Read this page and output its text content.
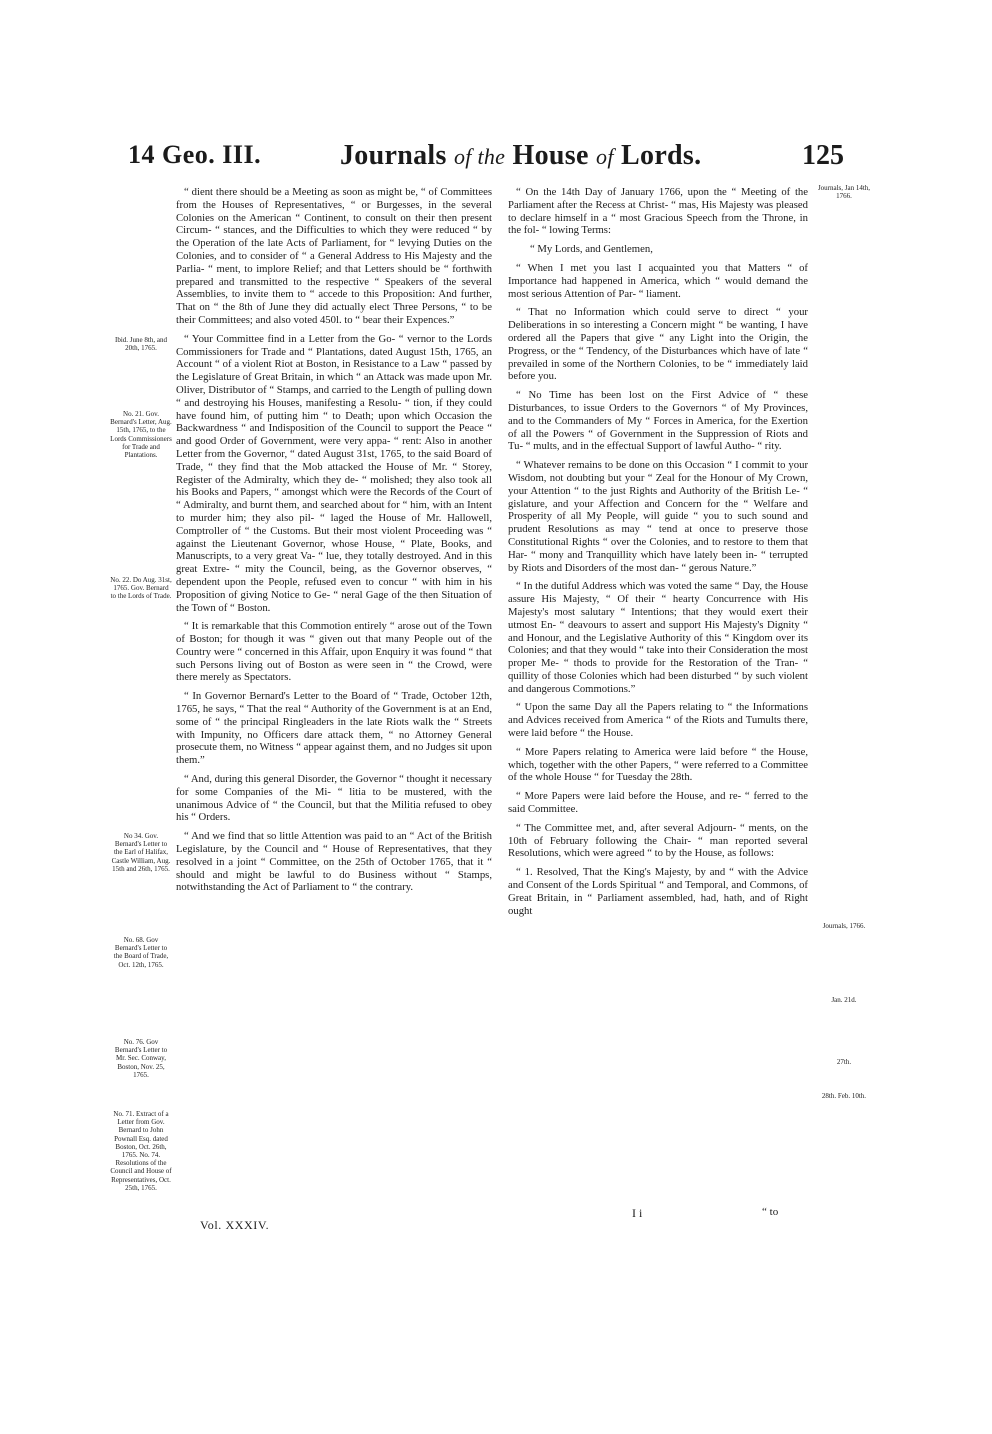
14 Geo. III.	Journals of the House of Lords.	125

“ dient there should be a Meeting as soon as might be, “ of Committees from the Houses of Representatives, “ or Burgesses, in the several Colonies on the American “ Continent, to consult on their then present Circum- “ stances, and the Difficulties to which they were reduced “ by the Operation of the late Acts of Parliament, for “ levying Duties on the Colonies, and to consider of “ a General Address to His Majesty and the Parlia- “ ment, to implore Relief; and that Letters should be “ forthwith prepared and transmitted to the respective “ Speakers of the several Assemblies, to invite them to “ accede to this Proposition: And further, That on “ the 8th of June they did actually elect Three Persons, “ to be their Committees; and also voted 450l. to “ bear their Expences.”

“ Your Committee find in a Letter from the Go- “ vernor to the Lords Commissioners for Trade and “ Plantations, dated August 15th, 1765, an Account “ of a violent Riot at Boston, in Resistance to a Law “ passed by the Legislature of Great Britain, in which “ an Attack was made upon Mr. Oliver, Distributor of “ Stamps, and carried to the Length of pulling down “ and destroying his Houses, manifesting a Resolu- “ tion, if they could have found him, of putting him “ to Death; upon which Occasion the Backwardness “ and Indisposition of the Council to support the Peace “ and good Order of Government, were very appa- “ rent: Also in another Letter from the Governor, “ dated August 31st, 1765, to the said Board of Trade, “ they find that the Mob attacked the House of Mr. “ Storey, Register of the Admiralty, which they de- “ molished; they also took all his Books and Papers, “ amongst which were the Records of the Court of “ Admiralty, and burnt them, and searched about for “ him, with an Intent to murder him; they also pil- “ laged the House of Mr. Hallowell, Comptroller of “ the Customs. But their most violent Proceeding was “ against the Lieutenant Governor, whose House, “ Plate, Books, and Manuscripts, to a very great Va- “ lue, they totally destroyed. And in this great Extre- “ mity the Council, being, as the Governor observes, “ dependent upon the People, refused even to concur “ with him in his Proposition of giving Notice to Ge- “ neral Gage of the then Situation of the Town of “ Boston.

“ It is remarkable that this Commotion entirely “ arose out of the Town of Boston; for though it was “ given out that many People out of the Country were “ concerned in this Affair, upon Enquiry it was found “ that such Persons living out of Boston as were seen in “ the Crowd, were there merely as Spectators.

“ In Governor Bernard's Letter to the Board of “ Trade, October 12th, 1765, he says, “ That the real “ Authority of the Government is at an End, some of “ the principal Ringleaders in the late Riots walk the “ Streets with Impunity, no Officers dare attack them, “ no Attorney General prosecute them, no Witness “ appear against them, and no Judges sit upon them.”

“ And, during this general Disorder, the Governor “ thought it necessary for some Companies of the Mi- “ litia to be mustered, with the unanimous Advice of “ the Council, but that the Militia refused to obey his “ Orders.

“ And we find that so little Attention was paid to an “ Act of the British Legislature, by the Council and “ House of Representatives, that they resolved in a joint “ Committee, on the 25th of October 1765, that it “ should and might be lawful to do Business without “ Stamps, notwithstanding the Act of Parliament to “ the contrary.

“ On the 14th Day of January 1766, upon the “ Meeting of the Parliament after the Recess at Christ- “ mas, His Majesty was pleased to declare himself in a “ most Gracious Speech from the Throne, in the fol- “ lowing Terms:

“ My Lords, and Gentlemen,

“ When I met you last I acquainted you that Matters “ of Importance had happened in America, which “ would demand the most serious Attention of Par- “ liament.

“ That no Information which could serve to direct “ your Deliberations in so interesting a Concern might “ be wanting, I have ordered all the Papers that give “ any Light into the Origin, the Progress, or the “ Tendency, of the Disturbances which have of late “ prevailed in some of the Northern Colonies, to be “ immediately laid before you.

“ No Time has been lost on the First Advice of “ these Disturbances, to issue Orders to the Governors “ of My Provinces, and to the Commanders of My “ Forces in America, for the Exertion of all the Powers “ of Government in the Suppression of Riots and Tu- “ mults, and in the effectual Support of lawful Autho- “ rity.

“ Whatever remains to be done on this Occasion “ I commit to your Wisdom, not doubting but your “ Zeal for the Honour of My Crown, your Attention “ to the just Rights and Authority of the British Le- “ gislature, and your Affection and Concern for the “ Welfare and Prosperity of all My People, will guide “ you to such sound and prudent Resolutions as may “ tend at once to preserve those Constitutional Rights “ over the Colonies, and to restore to them that Har- “ mony and Tranquillity which have lately been in- “ terrupted by Riots and Disorders of the most dan- “ gerous Nature.”

“ In the dutiful Address which was voted the same “ Day, the House assure His Majesty, “ Of their “ hearty Concurrence with His Majesty's most salutary “ Intentions; that they would exert their utmost En- “ deavours to assert and support His Majesty's Dignity “ and Honour, and the Legislative Authority of this “ Kingdom over its Colonies; and that they would “ take into their Consideration the most proper Me- “ thods to provide for the Restoration of the Tran- “ quillity of those Colonies which had been disturbed “ by such violent and dangerous Commotions.”

“ Upon the same Day all the Papers relating to “ the Informations and Advices received from America “ of the Riots and Tumults there, were laid before “ the House.

“ More Papers relating to America were laid before “ the House, which, together with the other Papers, “ were referred to a Committee of the whole House “ for Tuesday the 28th.

“ More Papers were laid before the House, and re- “ ferred to the said Committee.

“ The Committee met, and, after several Adjourn- “ ments, on the 10th of February following the Chair- “ man reported several Resolutions, which were agreed “ to by the House, as follows:

“ 1. Resolved, That the King's Majesty, by and “ with the Advice and Consent of the Lords Spiritual “ and Temporal, and Commons, of Great Britain, in “ Parliament assembled, had, hath, and of Right ought

Ibid. June 8th, and 20th, 1765.
No. 21. Gov. Bernard's Letter, Aug. 15th, 1765, to the Lords Commissioners for Trade and Plantations.
No. 22. Do Aug. 31st, 1765. Gov. Bernard to the Lords of Trade.
No 34. Gov. Bernard's Letter to the Earl of Halifax, Castle William, Aug. 15th and 26th, 1765.
No. 68. Gov Bernard's Letter to the Board of Trade, Oct. 12th, 1765.
No. 76. Gov Bernard's Letter to Mr. Sec. Conway, Boston, Nov. 25, 1765.
No. 71. Extract of a Letter from Gov. Bernard to John Pownall Esq. dated Boston, Oct. 26th, 1765. No. 74. Resolutions of the Council and House of Representatives, Oct. 25th, 1765.
Journals, Jan 14th, 1766.
Journals, 1766.
Jan. 21d.
27th.
28th. Feb. 10th.
Vol. XXXIV.
I i	“ to
